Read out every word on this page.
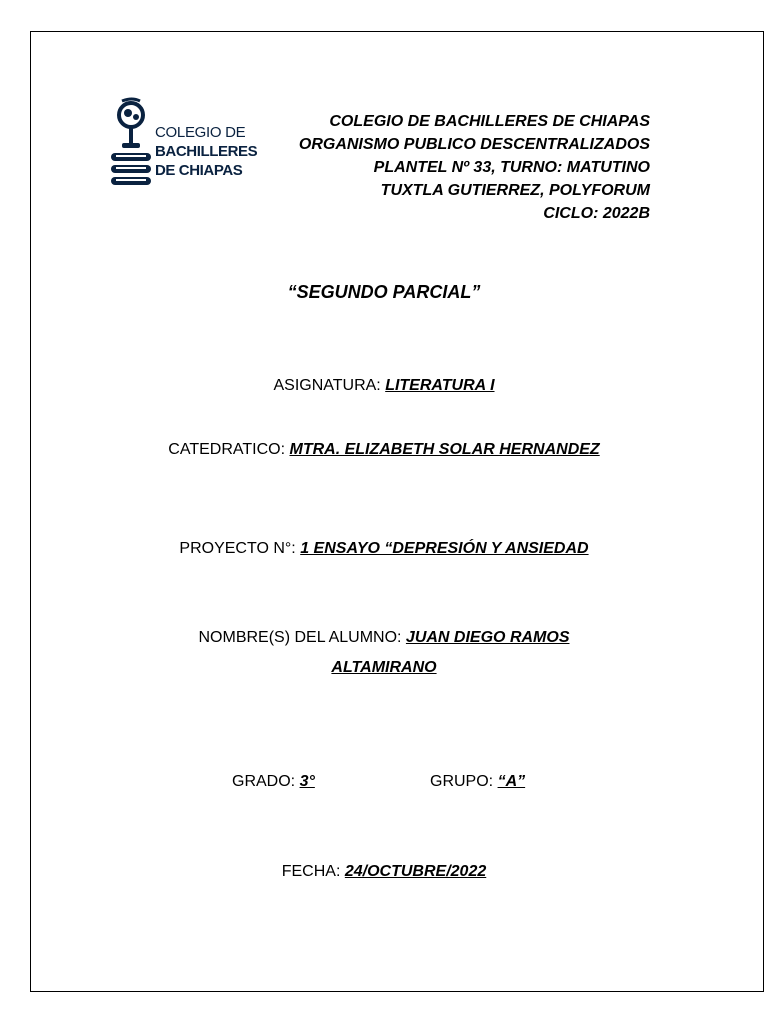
COLEGIO DE
BACHILLERES
DE CHIAPAS
COLEGIO DE BACHILLERES DE CHIAPAS
ORGANISMO PUBLICO DESCENTRALIZADOS
PLANTEL Nº 33, TURNO: MATUTINO
TUXTLA GUTIERREZ, POLYFORUM
CICLO: 2022B
“SEGUNDO PARCIAL”
ASIGNATURA: LITERATURA I
CATEDRATICO: MTRA. ELIZABETH SOLAR HERNANDEZ
PROYECTO N°: 1 ENSAYO “DEPRESIÓN Y ANSIEDAD
NOMBRE(S) DEL ALUMNO: JUAN DIEGO RAMOS
ALTAMIRANO
GRADO: 3°	GRUPO: “A”
FECHA: 24/OCTUBRE/2022
